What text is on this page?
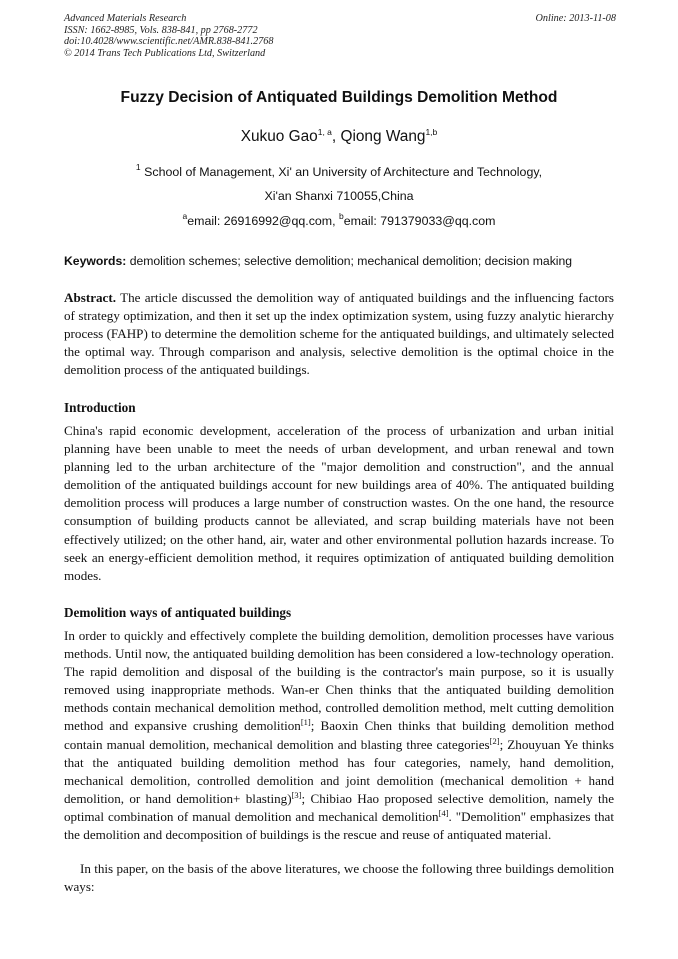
Advanced Materials Research
ISSN: 1662-8985, Vols. 838-841, pp 2768-2772
doi:10.4028/www.scientific.net/AMR.838-841.2768
© 2014 Trans Tech Publications Ltd, Switzerland
Online: 2013-11-08
Fuzzy Decision of Antiquated Buildings Demolition Method
Xukuo Gao$^{1, a}$, Qiong Wang$^{1,b}$
$^1$ School of Management, Xi' an University of Architecture and Technology,
Xi'an Shanxi 710055,China
$^a$email: 26916992@qq.com, $^b$email: 791379033@qq.com
Keywords: demolition schemes; selective demolition; mechanical demolition; decision making
Abstract. The article discussed the demolition way of antiquated buildings and the influencing factors of strategy optimization, and then it set up the index optimization system, using fuzzy analytic hierarchy process (FAHP) to determine the demolition scheme for the antiquated buildings, and ultimately selected the optimal way. Through comparison and analysis, selective demolition is the optimal choice in the demolition process of the antiquated buildings.
Introduction
China's rapid economic development, acceleration of the process of urbanization and urban initial planning have been unable to meet the needs of urban development, and urban renewal and town planning led to the urban architecture of the "major demolition and construction", and the annual demolition of the antiquated buildings account for new buildings area of 40%. The antiquated building demolition process will produces a large number of construction wastes. On the one hand, the resource consumption of building products cannot be alleviated, and scrap building materials have not been effectively utilized; on the other hand, air, water and other environmental pollution hazards increase. To seek an energy-efficient demolition method, it requires optimization of antiquated building demolition modes.
Demolition ways of antiquated buildings
In order to quickly and effectively complete the building demolition, demolition processes have various methods. Until now, the antiquated building demolition has been considered a low-technology operation. The rapid demolition and disposal of the building is the contractor's main purpose, so it is usually removed using inappropriate methods. Wan-er Chen thinks that the antiquated building demolition methods contain mechanical demolition method, controlled demolition method, melt cutting demolition method and expansive crushing demolition[1]; Baoxin Chen thinks that building demolition method contain manual demolition, mechanical demolition and blasting three categories[2]; Zhouyuan Ye thinks that the antiquated building demolition method has four categories, namely, hand demolition, mechanical demolition, controlled demolition and joint demolition (mechanical demolition + hand demolition, or hand demolition+ blasting)[3]; Chibiao Hao proposed selective demolition, namely the optimal combination of manual demolition and mechanical demolition[4]. "Demolition" emphasizes that the demolition and decomposition of buildings is the rescue and reuse of antiquated material.
In this paper, on the basis of the above literatures, we choose the following three buildings demolition ways:
